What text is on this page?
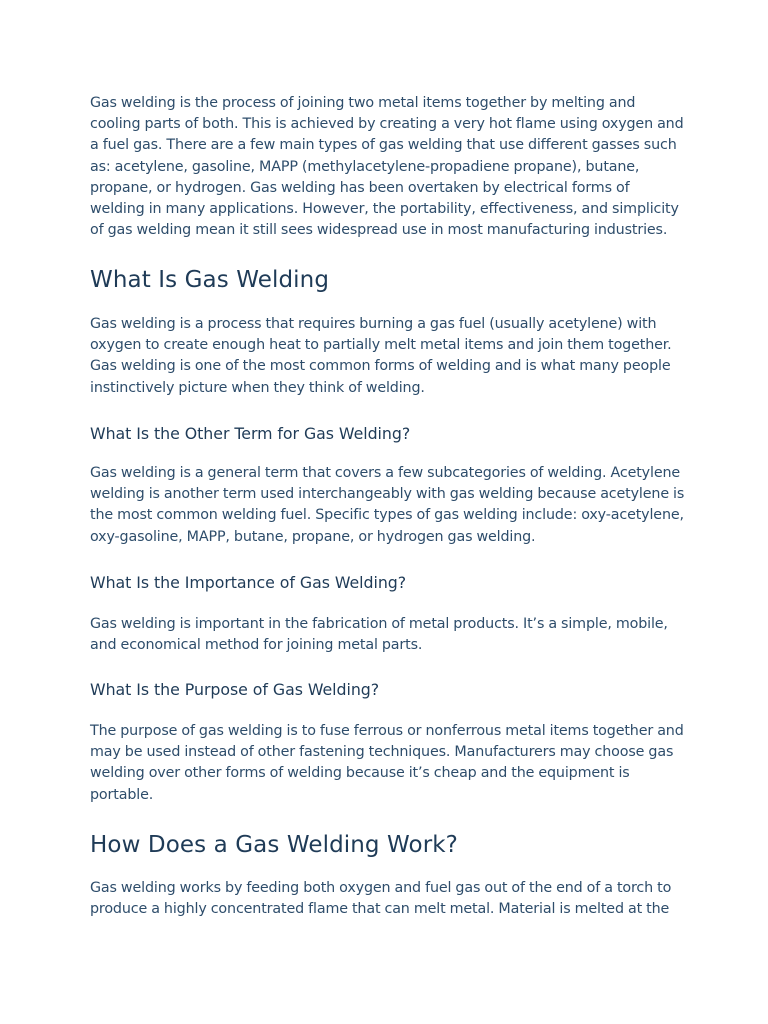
Gas welding is the process of joining two metal items together by melting and cooling parts of both. This is achieved by creating a very hot flame using oxygen and a fuel gas. There are a few main types of gas welding that use different gasses such as: acetylene, gasoline, MAPP (methylacetylene-propadiene propane), butane, propane, or hydrogen. Gas welding has been overtaken by electrical forms of welding in many applications. However, the portability, effectiveness, and simplicity of gas welding mean it still sees widespread use in most manufacturing industries.

What Is Gas Welding

Gas welding is a process that requires burning a gas fuel (usually acetylene) with oxygen to create enough heat to partially melt metal items and join them together. Gas welding is one of the most common forms of welding and is what many people instinctively picture when they think of welding.

What Is the Other Term for Gas Welding?

Gas welding is a general term that covers a few subcategories of welding. Acetylene welding is another term used interchangeably with gas welding because acetylene is the most common welding fuel. Specific types of gas welding include: oxy-acetylene, oxy-gasoline, MAPP, butane, propane, or hydrogen gas welding.

What Is the Importance of Gas Welding?

Gas welding is important in the fabrication of metal products. It’s a simple, mobile, and economical method for joining metal parts.

What Is the Purpose of Gas Welding?

The purpose of gas welding is to fuse ferrous or nonferrous metal items together and may be used instead of other fastening techniques. Manufacturers may choose gas welding over other forms of welding because it’s cheap and the equipment is portable.

How Does a Gas Welding Work?

Gas welding works by feeding both oxygen and fuel gas out of the end of a torch to produce a highly concentrated flame that can melt metal. Material is melted at the
